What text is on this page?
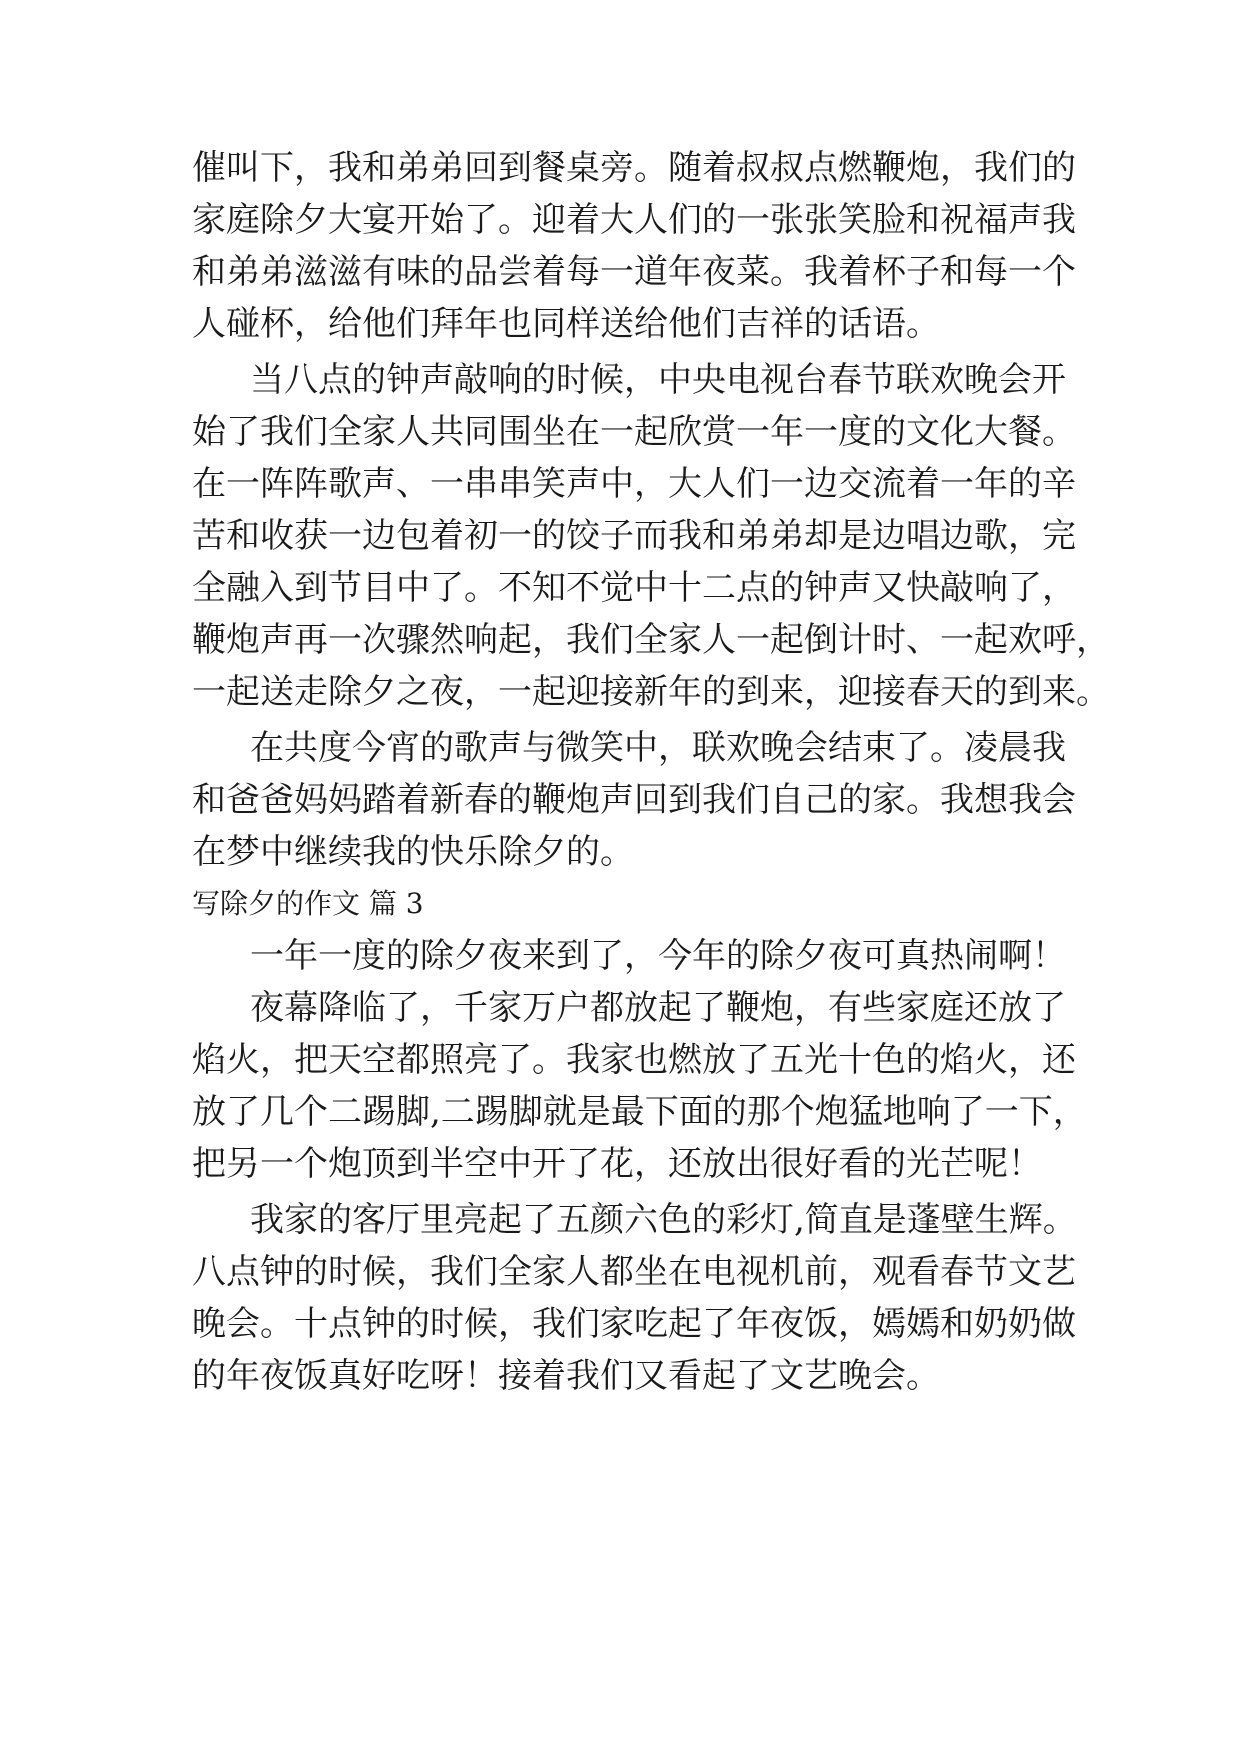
催叫下，我和弟弟回到餐桌旁。随着叔叔点燃鞭炮，我们的
家庭除夕大宴开始了。迎着大人们的一张张笑脸和祝福声我
和弟弟滋滋有味的品尝着每一道年夜菜。我着杯子和每一个
人碰杯，给他们拜年也同样送给他们吉祥的话语。
当八点的钟声敲响的时候，中央电视台春节联欢晚会开
始了我们全家人共同围坐在一起欣赏一年一度的文化大餐。
在一阵阵歌声、一串串笑声中，大人们一边交流着一年的辛
苦和收获一边包着初一的饺子而我和弟弟却是边唱边歌，完
全融入到节目中了。不知不觉中十二点的钟声又快敲响了，
鞭炮声再一次骤然响起，我们全家人一起倒计时、一起欢呼，
一起送走除夕之夜，一起迎接新年的到来，迎接春天的到来。
在共度今宵的歌声与微笑中，联欢晚会结束了。凌晨我
和爸爸妈妈踏着新春的鞭炮声回到我们自己的家。我想我会
在梦中继续我的快乐除夕的。
写除夕的作文 篇 3
一年一度的除夕夜来到了，今年的除夕夜可真热闹啊！
夜幕降临了，千家万户都放起了鞭炮，有些家庭还放了
焰火，把天空都照亮了。我家也燃放了五光十色的焰火，还
放了几个二踢脚,二踢脚就是最下面的那个炮猛地响了一下，
把另一个炮顶到半空中开了花，还放出很好看的光芒呢！
我家的客厅里亮起了五颜六色的彩灯,简直是蓬壁生辉。
八点钟的时候，我们全家人都坐在电视机前，观看春节文艺
晚会。十点钟的时候，我们家吃起了年夜饭，嫣嫣和奶奶做
的年夜饭真好吃呀！接着我们又看起了文艺晚会。
